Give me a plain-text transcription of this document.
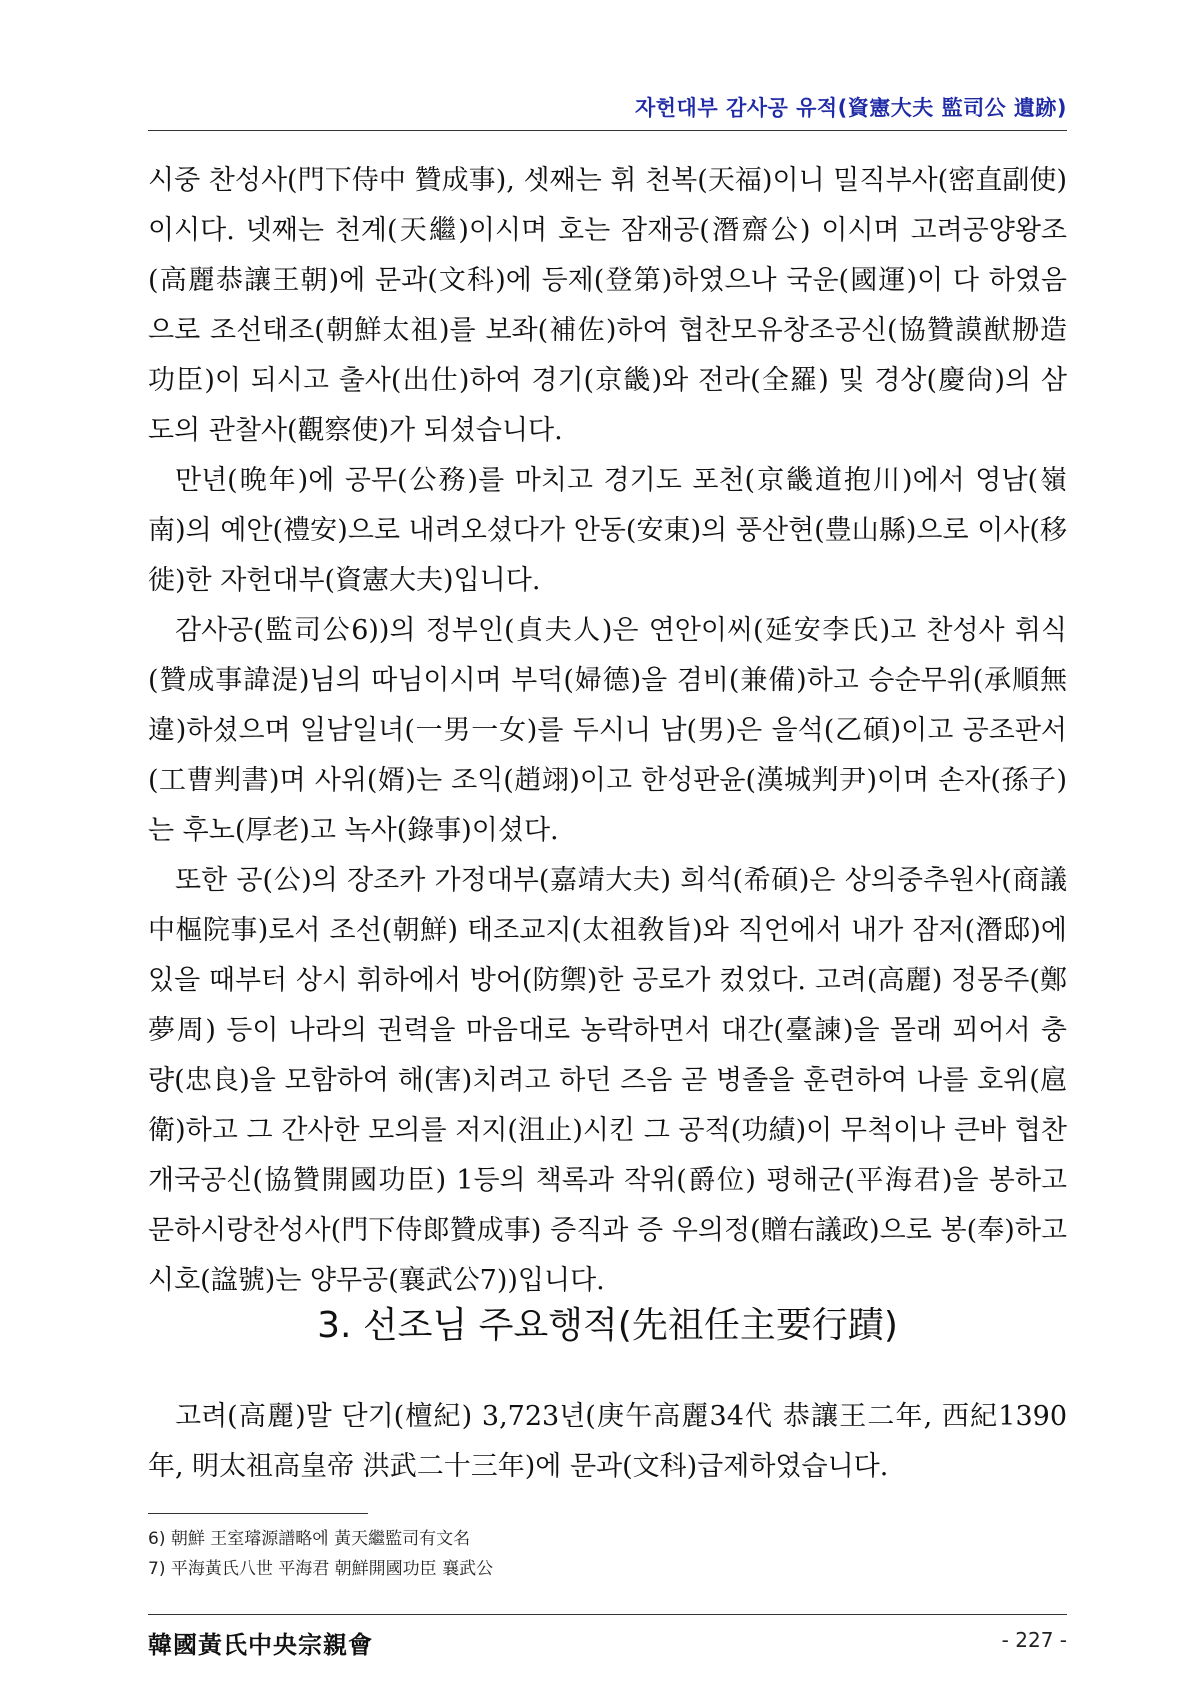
자헌대부 감사공 유적(資憲大夫 監司公 遺跡)

시중 찬성사(門下侍中 贊成事), 셋째는 휘 천복(天福)이니 밀직부사(密直副使)이시다. 넷째는 천계(天繼)이시며 호는 잠재공(潛齋公) 이시며 고려공양왕조(高麗恭讓王朝)에 문과(文科)에 등제(登第)하였으나 국운(國運)이 다 하였음으로 조선태조(朝鮮太祖)를 보좌(補佐)하여 협찬모유창조공신(協贊謨猷刱造功臣)이 되시고 출사(出仕)하여 경기(京畿)와 전라(全羅) 및 경상(慶尙)의 삼도의 관찰사(觀察使)가 되셨습니다.

만년(晩年)에 공무(公務)를 마치고 경기도 포천(京畿道抱川)에서 영남(嶺南)의 예안(禮安)으로 내려오셨다가 안동(安東)의 풍산현(豊山縣)으로 이사(移徙)한 자헌대부(資憲大夫)입니다.

감사공(監司公6))의 정부인(貞夫人)은 연안이씨(延安李氏)고 찬성사 휘식(贊成事諱湜)님의 따님이시며 부덕(婦德)을 겸비(兼備)하고 승순무위(承順無違)하셨으며 일남일녀(一男一女)를 두시니 남(男)은 을석(乙碩)이고 공조판서(工曹判書)며 사위(婿)는 조익(趙翊)이고 한성판윤(漢城判尹)이며 손자(孫子)는 후노(厚老)고 녹사(錄事)이셨다.

또한 공(公)의 장조카 가정대부(嘉靖大夫) 희석(希碩)은 상의중추원사(商議中樞院事)로서 조선(朝鮮) 태조교지(太祖敎旨)와 직언에서 내가 잠저(潛邸)에 있을 때부터 상시 휘하에서 방어(防禦)한 공로가 컸었다. 고려(高麗) 정몽주(鄭夢周) 등이 나라의 권력을 마음대로 농락하면서 대간(臺諫)을 몰래 꾀어서 충량(忠良)을 모함하여 해(害)치려고 하던 즈음 곧 병졸을 훈련하여 나를 호위(扈衛)하고 그 간사한 모의를 저지(沮止)시킨 그 공적(功績)이 무척이나 큰바 협찬개국공신(協贊開國功臣) 1등의 책록과 작위(爵位) 평해군(平海君)을 봉하고 문하시랑찬성사(門下侍郞贊成事) 증직과 증 우의정(贈右議政)으로 봉(奉)하고 시호(諡號)는 양무공(襄武公7))입니다.

3. 선조님 주요행적(先祖任主要行蹟)

고려(高麗)말 단기(檀紀) 3,723년(庚午高麗34代 恭讓王二年, 西紀1390年, 明太祖高皇帝 洪武二十三年)에 문과(文科)급제하였습니다.

6) 朝鮮 王室璿源譜略에 黃天繼監司有文名
7) 平海黃氏八世 平海君 朝鮮開國功臣 襄武公
韓國黃氏中央宗親會	- 227 -
